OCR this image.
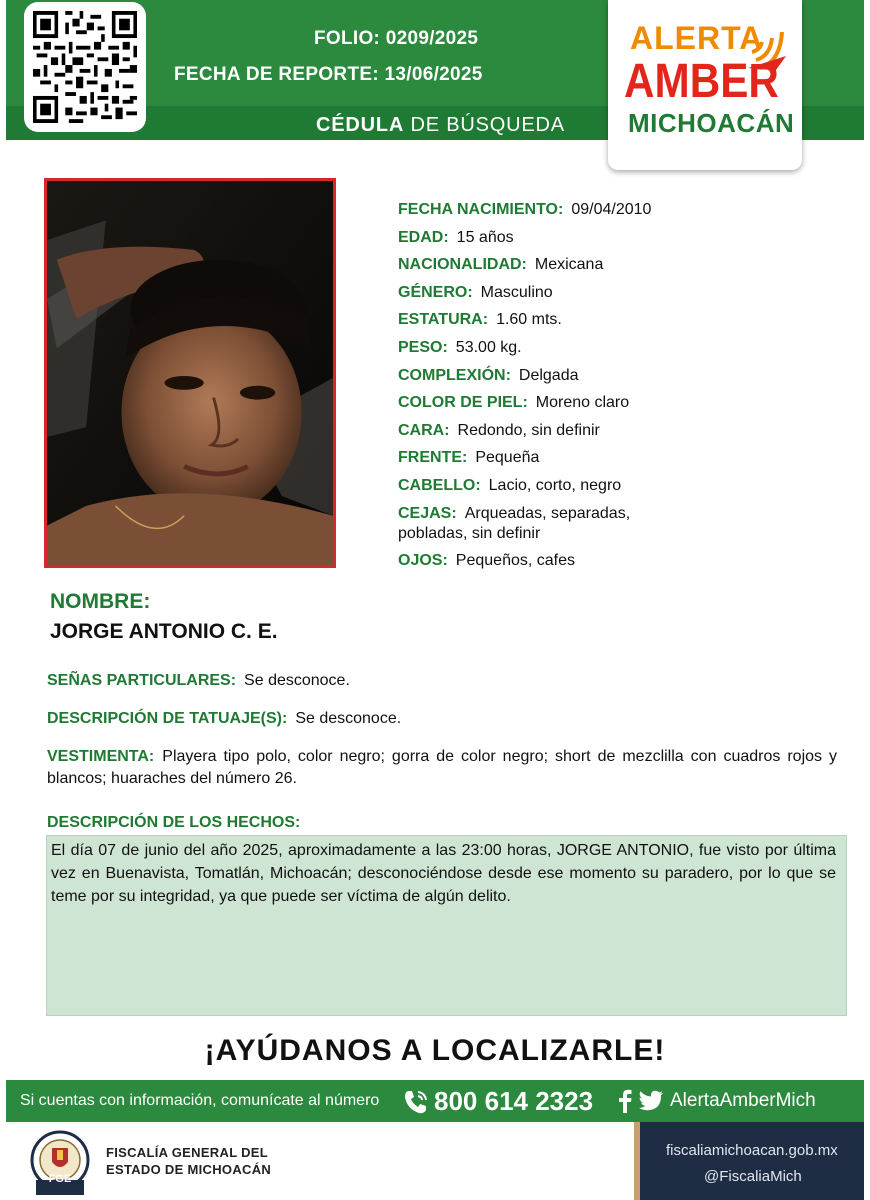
FOLIO: 0209/2025
FECHA DE REPORTE: 13/06/2025
CÉDULA DE BÚSQUEDA
ALERTA
AMBER
MICHOACÁN
FECHA NACIMIENTO: 09/04/2010
EDAD: 15 años
NACIONALIDAD: Mexicana
GÉNERO: Masculino
ESTATURA: 1.60 mts.
PESO: 53.00 kg.
COMPLEXIÓN: Delgada
COLOR DE PIEL: Moreno claro
CARA: Redondo, sin definir
FRENTE: Pequeña
CABELLO: Lacio, corto, negro
CEJAS: Arqueadas, separadas, pobladas, sin definir
OJOS: Pequeños, cafes
NOMBRE:
JORGE ANTONIO C. E.
SEÑAS PARTICULARES: Se desconoce.
DESCRIPCIÓN DE TATUAJE(S): Se desconoce.
VESTIMENTA: Playera tipo polo, color negro; gorra de color negro; short de mezclilla con cuadros rojos y blancos; huaraches del número 26.
DESCRIPCIÓN DE LOS HECHOS:
El día 07 de junio del año 2025, aproximadamente a las 23:00 horas, JORGE ANTONIO, fue visto por última vez en Buenavista, Tomatlán, Michoacán; desconociéndose desde ese momento su paradero, por lo que se teme por su integridad, ya que puede ser víctima de algún delito.
¡AYÚDANOS A LOCALIZARLE!
Si cuentas con información, comunícate al número 800 614 2323	AlertaAmberMich
FGE
FISCALÍA GENERAL DEL
ESTADO DE MICHOACÁN
fiscaliamichoacan.gob.mx
@FiscaliaMich
